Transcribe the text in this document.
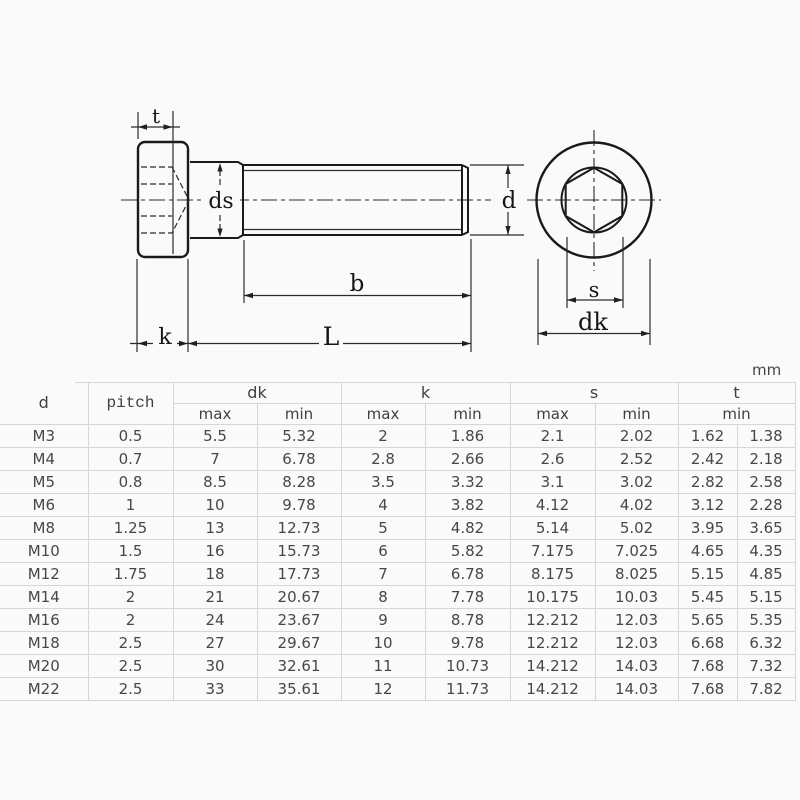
t
ds	d
b
k	L
s
dk
mm
d	pitch	dk		k		s		t	
		max	min	max	min	max	min	min	
M3	0.5	5.5	5.32	2	1.86	2.1	2.02	1.62	1.38
M4	0.7	7	6.78	2.8	2.66	2.6	2.52	2.42	2.18
M5	0.8	8.5	8.28	3.5	3.32	3.1	3.02	2.82	2.58
M6	1	10	9.78	4	3.82	4.12	4.02	3.12	2.28
M8	1.25	13	12.73	5	4.82	5.14	5.02	3.95	3.65
M10	1.5	16	15.73	6	5.82	7.175	7.025	4.65	4.35
M12	1.75	18	17.73	7	6.78	8.175	8.025	5.15	4.85
M14	2	21	20.67	8	7.78	10.175	10.03	5.45	5.15
M16	2	24	23.67	9	8.78	12.212	12.03	5.65	5.35
M18	2.5	27	29.67	10	9.78	12.212	12.03	6.68	6.32
M20	2.5	30	32.61	11	10.73	14.212	14.03	7.68	7.32
M22	2.5	33	35.61	12	11.73	14.212	14.03	7.68	7.82
